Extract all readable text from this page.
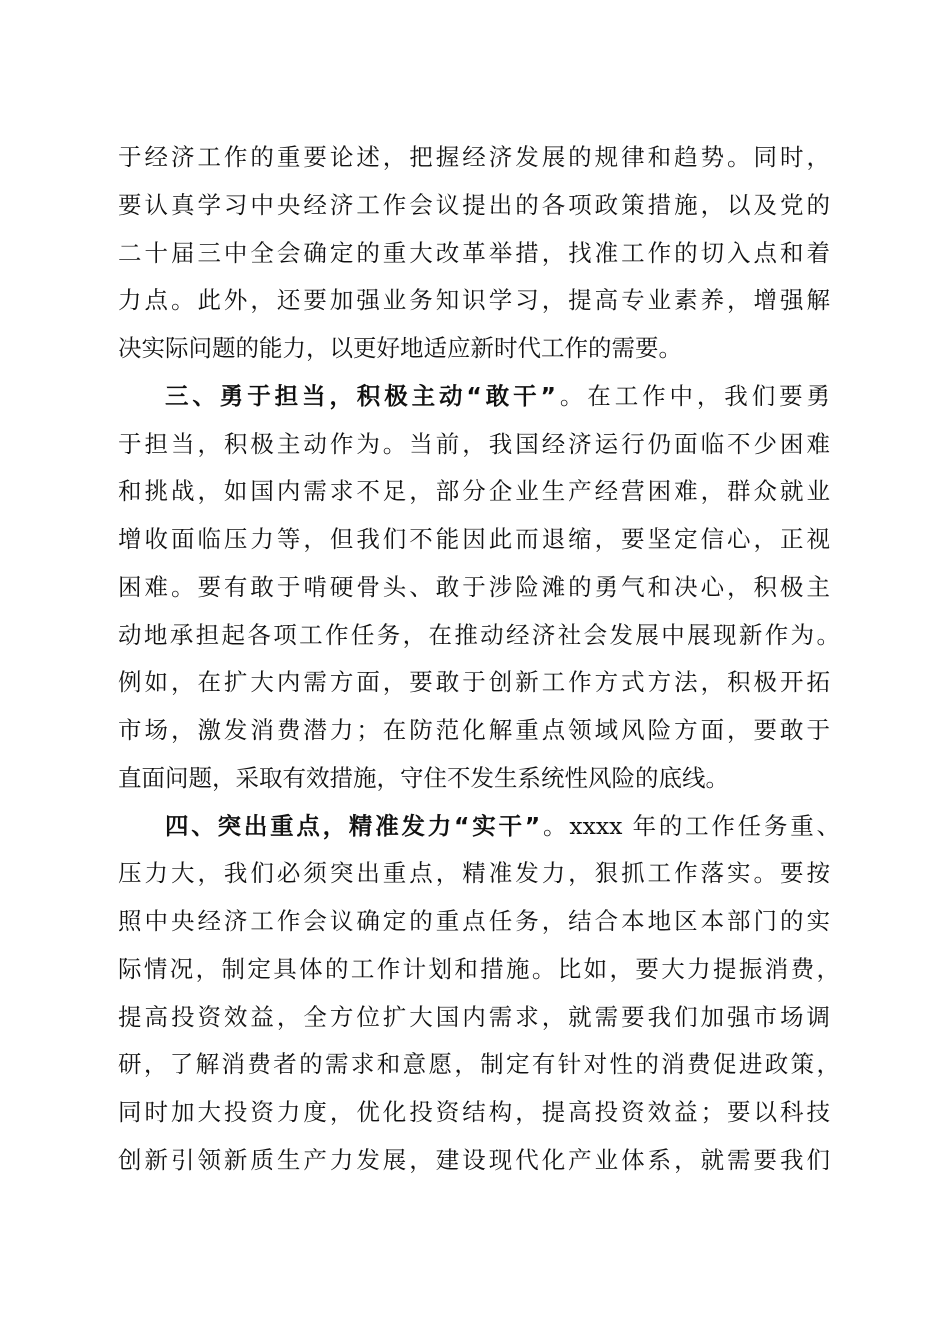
于经济工作的重要论述，把握经济发展的规律和趋势。同时，
要认真学习中央经济工作会议提出的各项政策措施，以及党的
二十届三中全会确定的重大改革举措，找准工作的切入点和着
力点。此外，还要加强业务知识学习，提高专业素养，增强解
决实际问题的能力，以更好地适应新时代工作的需要。
三、勇于担当，积极主动“敢干”。在工作中，我们要勇
于担当，积极主动作为。当前，我国经济运行仍面临不少困难
和挑战，如国内需求不足，部分企业生产经营困难，群众就业
增收面临压力等，但我们不能因此而退缩，要坚定信心，正视
困难。要有敢于啃硬骨头、敢于涉险滩的勇气和决心，积极主
动地承担起各项工作任务，在推动经济社会发展中展现新作为。
例如，在扩大内需方面，要敢于创新工作方式方法，积极开拓
市场，激发消费潜力；在防范化解重点领域风险方面，要敢于
直面问题，采取有效措施，守住不发生系统性风险的底线。
四、突出重点，精准发力“实干”。xxxx 年的工作任务重、
压力大，我们必须突出重点，精准发力，狠抓工作落实。要按
照中央经济工作会议确定的重点任务，结合本地区本部门的实
际情况，制定具体的工作计划和措施。比如，要大力提振消费，
提高投资效益，全方位扩大国内需求，就需要我们加强市场调
研，了解消费者的需求和意愿，制定有针对性的消费促进政策，
同时加大投资力度，优化投资结构，提高投资效益；要以科技
创新引领新质生产力发展，建设现代化产业体系，就需要我们
